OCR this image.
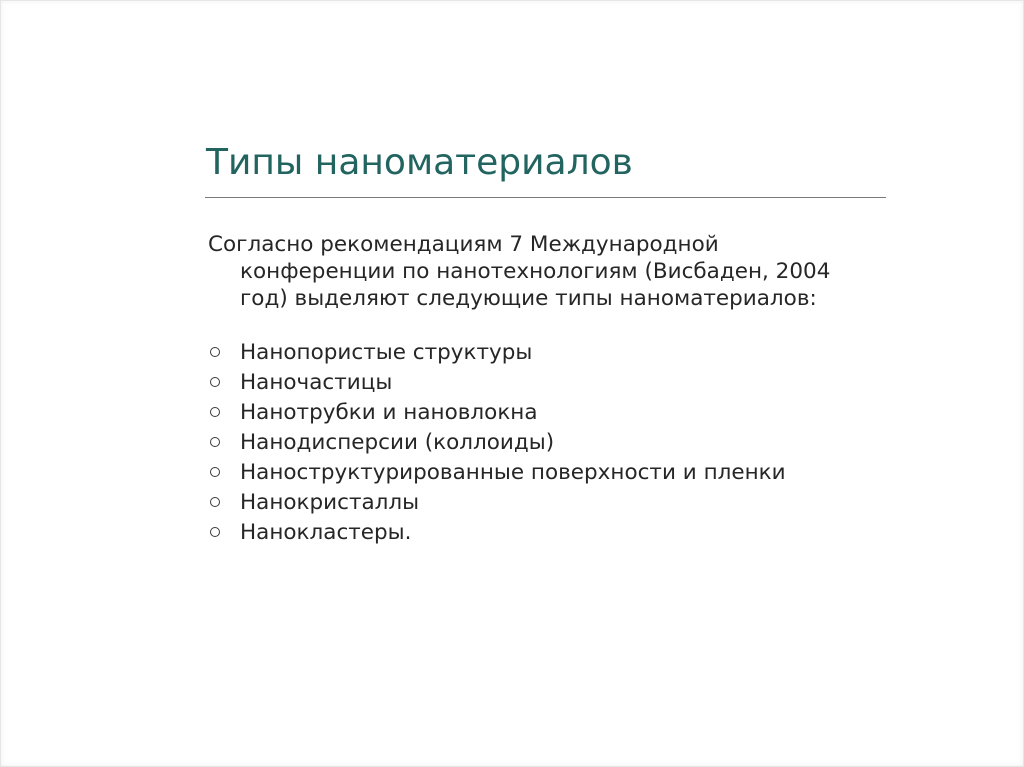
Типы наноматериалов

Согласно рекомендациям 7 Международной конференции по нанотехнологиям (Висбаден, 2004 год) выделяют следующие типы наноматериалов:

Нанопористые структуры
Наночастицы
Нанотрубки и нановлокна
Нанодисперсии (коллоиды)
Наноструктурированные поверхности и пленки
Нанокристаллы
Нанокластеры.
